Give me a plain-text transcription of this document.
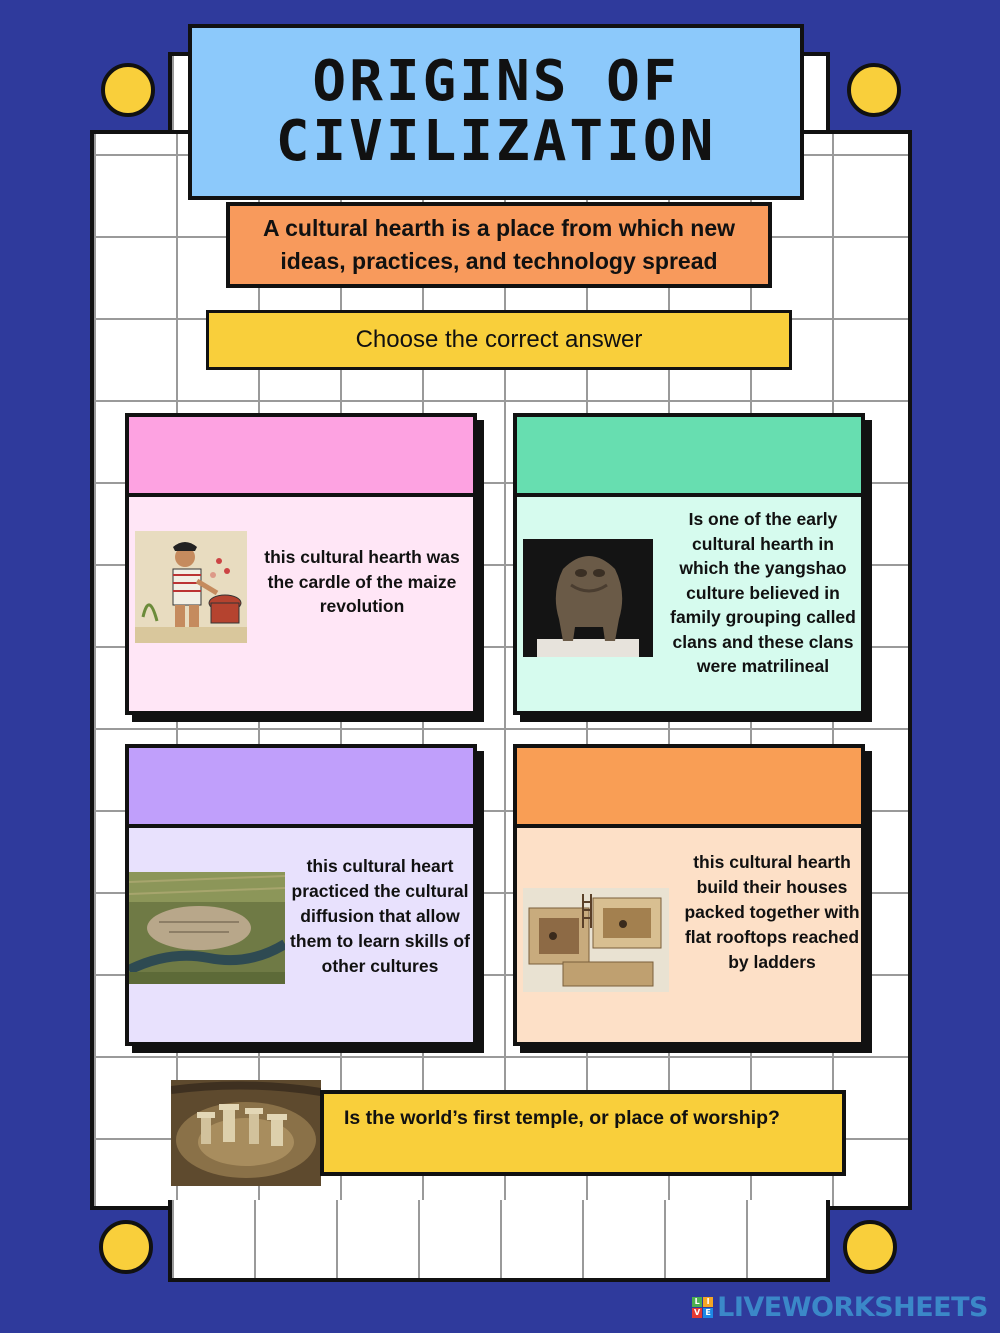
ORIGINS OF
CIVILIZATION
A cultural hearth is a place from which new ideas, practices, and technology spread
Choose the correct answer
this cultural hearth was the cardle of the maize revolution
Is one of the early cultural hearth in which the yangshao culture believed in family grouping called clans and these clans were matrilineal
this cultural heart practiced the cultural diffusion that allow them to learn skills of other cultures
this cultural hearth build their houses packed together with flat rooftops reached by ladders
Is the world’s first temple, or place of worship?
L I
V E LIVEWORKSHEETS
